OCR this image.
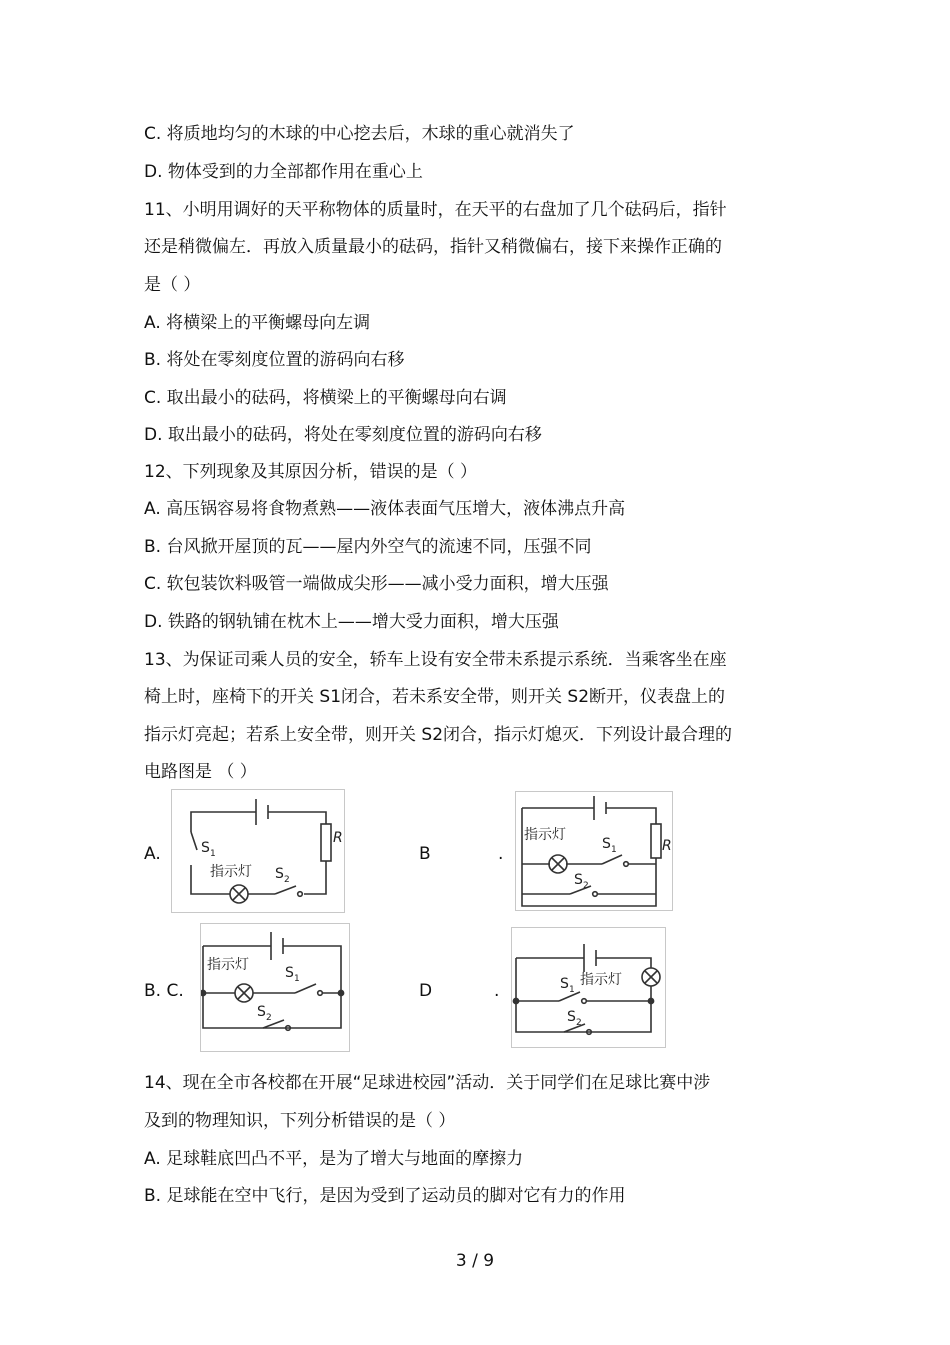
C. 将质地均匀的木球的中心挖去后，木球的重心就消失了
D. 物体受到的力全部都作用在重心上
11、小明用调好的天平称物体的质量时，在天平的右盘加了几个砝码后，指针
还是稍微偏左．再放入质量最小的砝码，指针又稍微偏右，接下来操作正确的
是（ ）
A. 将横梁上的平衡螺母向左调
B. 将处在零刻度位置的游码向右移
C. 取出最小的砝码，将横梁上的平衡螺母向右调
D. 取出最小的砝码，将处在零刻度位置的游码向右移
12、下列现象及其原因分析，错误的是（ ）
A. 高压锅容易将食物煮熟——液体表面气压增大，液体沸点升高
B. 台风掀开屋顶的瓦——屋内外空气的流速不同，压强不同
C. 软包装饮料吸管一端做成尖形——减小受力面积，增大压强
D. 铁路的钢轨铺在枕木上——增大受力面积，增大压强
13、为保证司乘人员的安全，轿车上设有安全带未系提示系统．当乘客坐在座
椅上时，座椅下的开关 S1闭合，若未系安全带，则开关 S2断开，仪表盘上的
指示灯亮起；若系上安全带，则开关 S2闭合，指示灯熄灭．下列设计最合理的
电路图是 （ ）
A.	B	.
B. C.	D	.
S 1
指示灯 S 2
R	指示灯
S 1
S 2
R
指示灯	S 1
S 2
S 1
指示灯
S 2
14、现在全市各校都在开展“足球进校园”活动．关于同学们在足球比赛中涉
及到的物理知识，下列分析错误的是（ ）
A. 足球鞋底凹凸不平，是为了增大与地面的摩擦力
B. 足球能在空中飞行，是因为受到了运动员的脚对它有力的作用
3 / 9
